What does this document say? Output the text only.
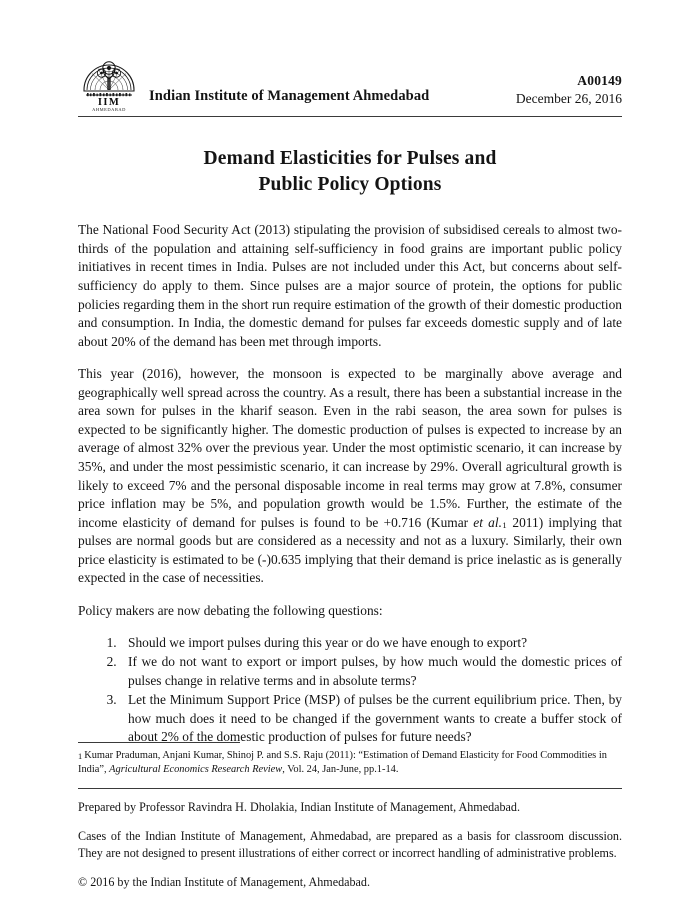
IIM
AHMEDABAD
Indian Institute of Management Ahmedabad
A00149
December 26, 2016
Demand Elasticities for Pulses and
Public Policy Options

The National Food Security Act (2013) stipulating the provision of subsidised cereals to almost two-thirds of the population and attaining self-sufficiency in food grains are important public policy initiatives in recent times in India. Pulses are not included under this Act, but concerns about self-sufficiency do apply to them. Since pulses are a major source of protein, the options for public policies regarding them in the short run require estimation of the growth of their domestic production and consumption. In India, the domestic demand for pulses far exceeds domestic supply and of late about 20% of the demand has been met through imports.

This year (2016), however, the monsoon is expected to be marginally above average and geographically well spread across the country. As a result, there has been a substantial increase in the area sown for pulses in the kharif season. Even in the rabi season, the area sown for pulses is expected to be significantly higher. The domestic production of pulses is expected to increase by an average of almost 32% over the previous year. Under the most optimistic scenario, it can increase by 35%, and under the most pessimistic scenario, it can increase by 29%. Overall agricultural growth is likely to exceed 7% and the personal disposable income in real terms may grow at 7.8%, consumer price inflation may be 5%, and population growth would be 1.5%. Further, the estimate of the income elasticity of demand for pulses is found to be +0.716 (Kumar et al.$^1$ 2011) implying that pulses are normal goods but are considered as a necessity and not as a luxury. Similarly, their own price elasticity is estimated to be (-)0.635 implying that their demand is price inelastic as is generally expected in the case of necessities.

Policy makers are now debating the following questions:

1. Should we import pulses during this year or do we have enough to export?
2. If we do not want to export or import pulses, by how much would the domestic prices of pulses change in relative terms and in absolute terms?
3. Let the Minimum Support Price (MSP) of pulses be the current equilibrium price. Then, by how much does it need to be changed if the government wants to create a buffer stock of about 2% of the domestic production of pulses for future needs?

1 Kumar Praduman, Anjani Kumar, Shinoj P. and S.S. Raju (2011): “Estimation of Demand Elasticity for Food Commodities in India”, Agricultural Economics Research Review, Vol. 24, Jan-June, pp.1-14.

Prepared by Professor Ravindra H. Dholakia, Indian Institute of Management, Ahmedabad.

Cases of the Indian Institute of Management, Ahmedabad, are prepared as a basis for classroom discussion. They are not designed to present illustrations of either correct or incorrect handling of administrative problems.

© 2016 by the Indian Institute of Management, Ahmedabad.
